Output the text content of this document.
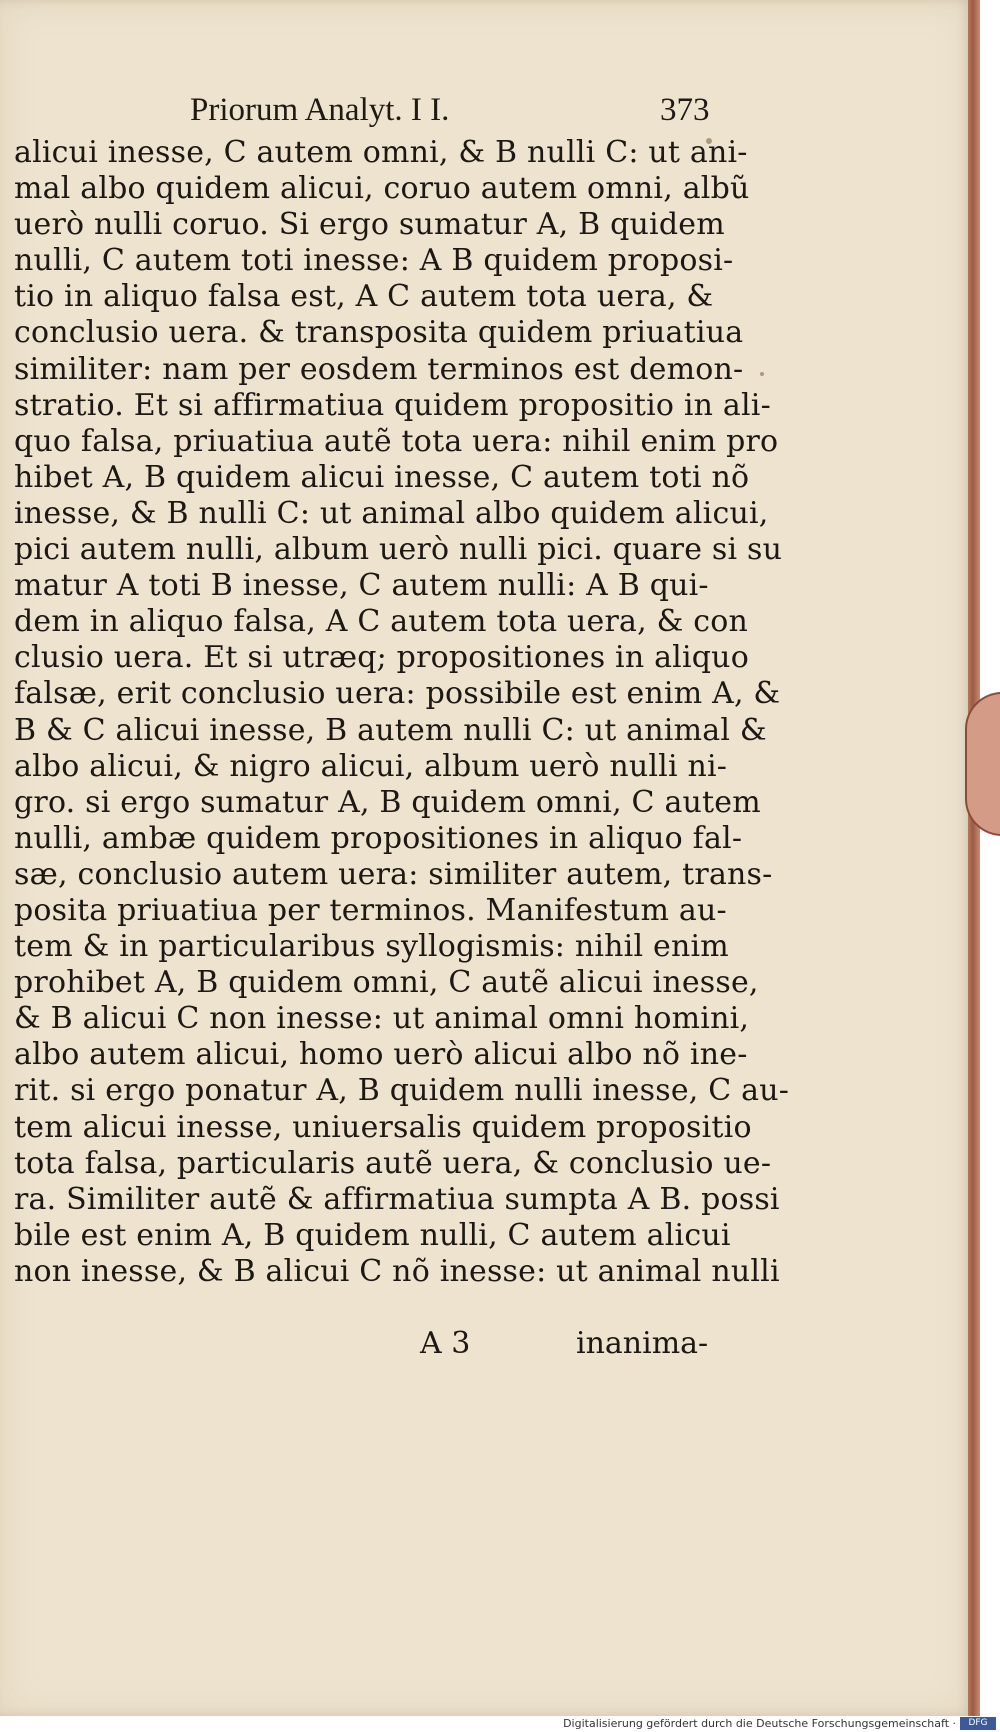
Priorum Analyt. I I.	373
alicui inesse, C autem omni, & B nulli C: ut ani-
mal albo quidem alicui, coruo autem omni, albũ
uerò nulli coruo. Si ergo sumatur A, B quidem
nulli, C autem toti inesse: A B quidem proposi-
tio in aliquo falsa est, A C autem tota uera, &
conclusio uera. & transposita quidem priuatiua
similiter: nam per eosdem terminos est demon-
stratio. Et si affirmatiua quidem propositio in ali-
quo falsa, priuatiua autẽ tota uera: nihil enim pro
hibet A, B quidem alicui inesse, C autem toti nõ
inesse, & B nulli C: ut animal albo quidem alicui,
pici autem nulli, album uerò nulli pici. quare si su
matur A toti B inesse, C autem nulli: A B qui-
dem in aliquo falsa, A C autem tota uera, & con
clusio uera. Et si utræq; propositiones in aliquo
falsæ, erit conclusio uera: possibile est enim A, &
B & C alicui inesse, B autem nulli C: ut animal &
albo alicui, & nigro alicui, album uerò nulli ni-
gro. si ergo sumatur A, B quidem omni, C autem
nulli, ambæ quidem propositiones in aliquo fal-
sæ, conclusio autem uera: similiter autem, trans-
posita priuatiua per terminos. Manifestum au-
tem & in particularibus syllogismis: nihil enim
prohibet A, B quidem omni, C autẽ alicui inesse,
& B alicui C non inesse: ut animal omni homini,
albo autem alicui, homo uerò alicui albo nõ ine-
rit. si ergo ponatur A, B quidem nulli inesse, C au-
tem alicui inesse, uniuersalis quidem propositio
tota falsa, particularis autẽ uera, & conclusio ue-
ra. Similiter autẽ & affirmatiua sumpta A B. possi
bile est enim A, B quidem nulli, C autem alicui
non inesse, & B alicui C nõ inesse: ut animal nulli
A 3	inanima-
Digitalisierung gefördert durch die Deutsche Forschungsgemeinschaft ·	DFG
